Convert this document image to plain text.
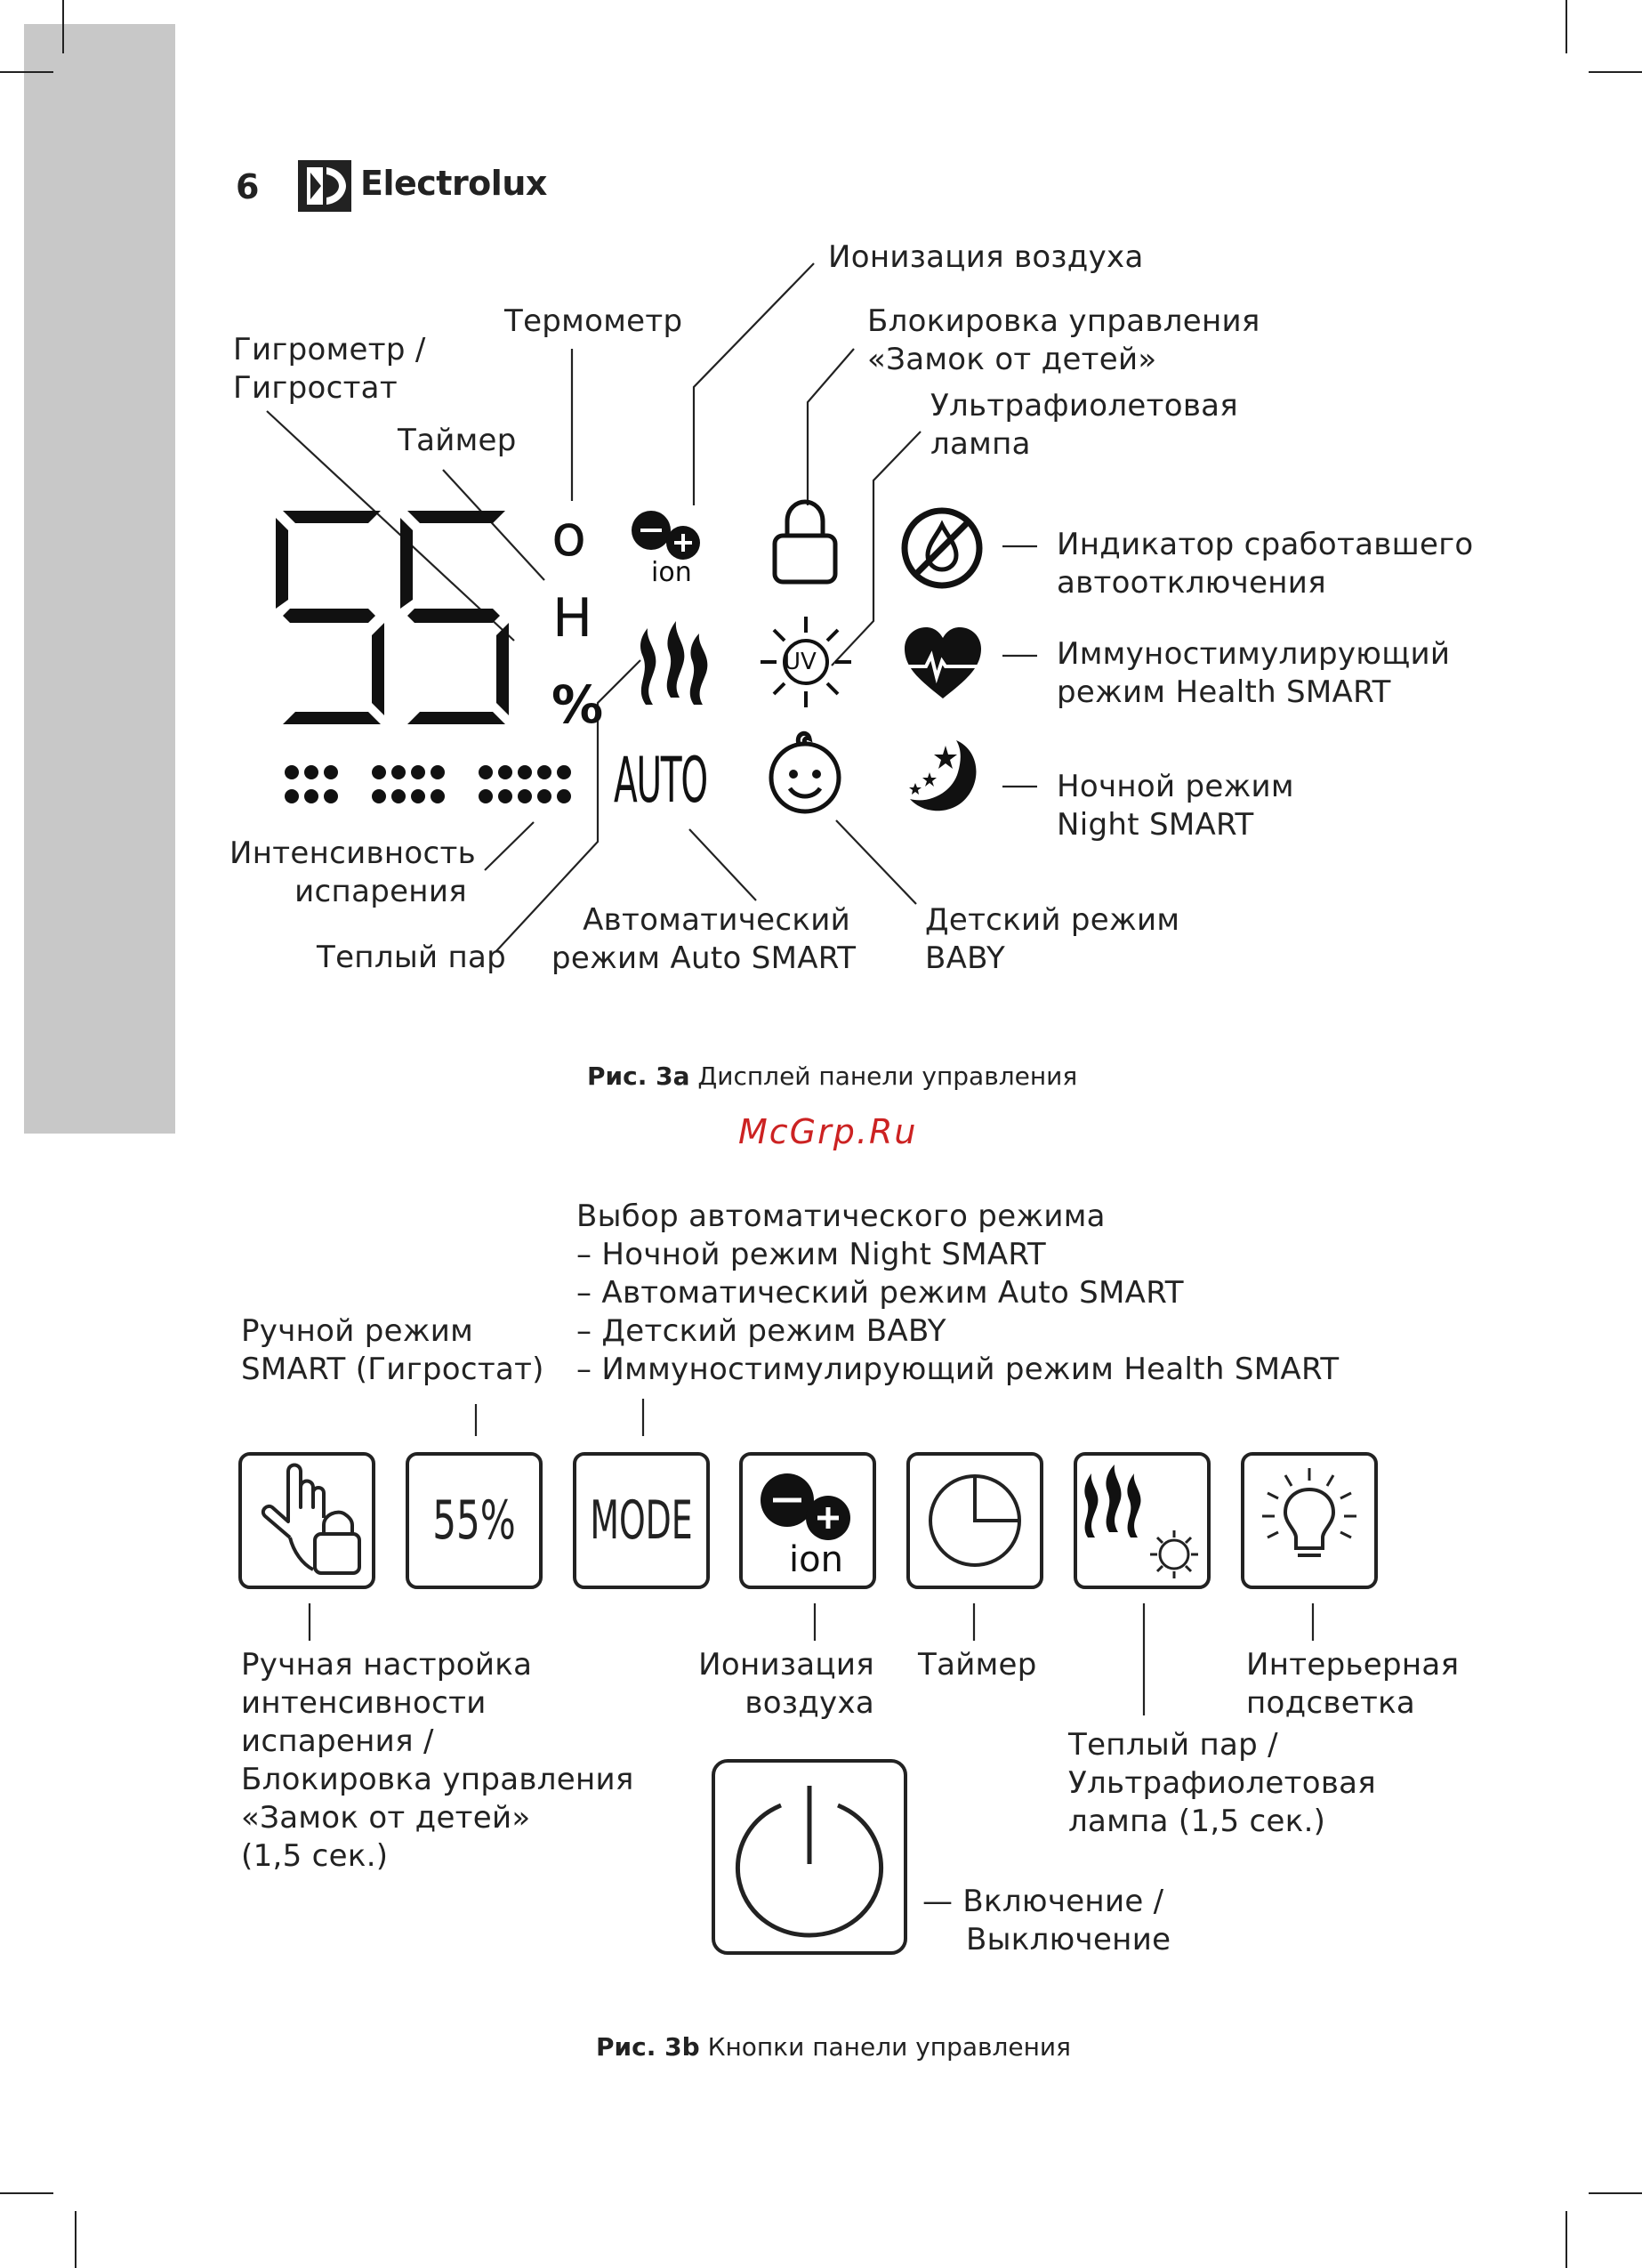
6	Electrolux
Ионизация воздуха
Блокировка управления
«Замок от детей»
Термометр
Гигрометр /
Гигростат	Ультрафиолетовая
лампа
Таймер
Индикатор сработавшего
автоотключения
Иммуностимулирующий
режим Health SMART
Ночной режим
Night SMART
Интенсивность
испарения
Теплый пар
Автоматический
режим Auto SMART
Детский режим
BABY
o
H
%
ion
UV
AUTO
Рис. 3a Дисплей панели управления
McGrp.Ru
Выбор автоматического режима
– Ночной режим Night SMART
– Автоматический режим Auto SMART
– Детский режим BABY
– Иммуностимулирующий режим Health SMART
Ручной режим
SMART (Гигростат)
55% MODE
ion
Ручная настройка
интенсивности
испарения /
Блокировка управления
«Замок от детей»
(1,5 сек.)
Ионизация
воздуха
Таймер	Интерьерная
подсветка
Теплый пар /
Ультрафиолетовая
лампа (1,5 сек.)
— Включение /
Выключение
Рис. 3b Кнопки панели управления
